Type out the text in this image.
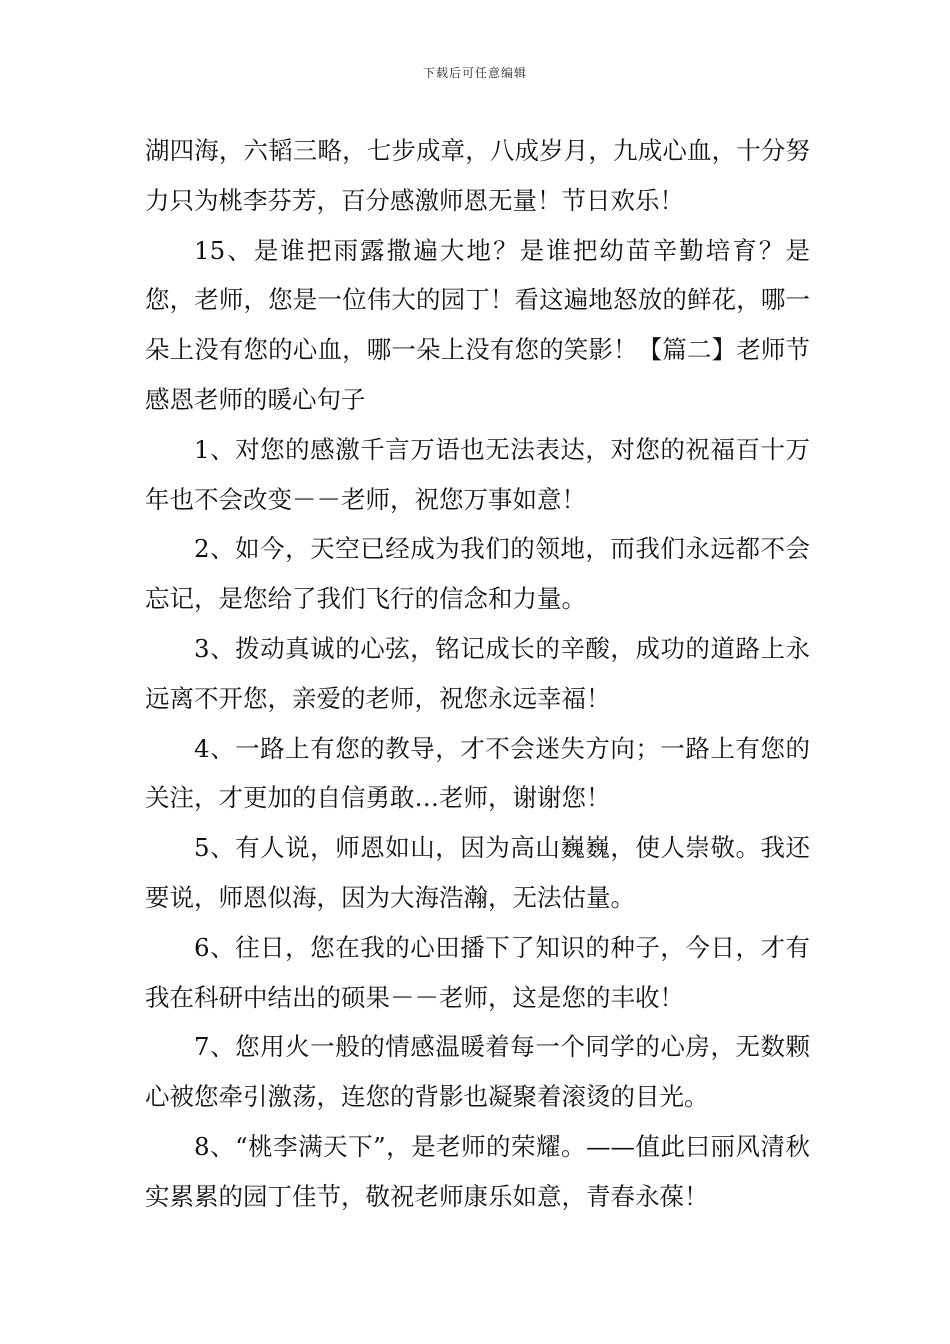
下载后可任意编辑

湖四海，六韬三略，七步成章，八成岁月，九成心血，十分努力只为桃李芬芳，百分感激师恩无量！节日欢乐！

15、是谁把雨露撒遍大地？是谁把幼苗辛勤培育？是您，老师，您是一位伟大的园丁！看这遍地怒放的鲜花，哪一朵上没有您的心血，哪一朵上没有您的笑影！【篇二】老师节感恩老师的暖心句子

1、对您的感激千言万语也无法表达，对您的祝福百十万年也不会改变－－老师，祝您万事如意！

2、如今，天空已经成为我们的领地，而我们永远都不会忘记，是您给了我们飞行的信念和力量。

3、拨动真诚的心弦，铭记成长的辛酸，成功的道路上永远离不开您，亲爱的老师，祝您永远幸福！

4、一路上有您的教导，才不会迷失方向；一路上有您的关注，才更加的自信勇敢…老师，谢谢您！

5、有人说，师恩如山，因为高山巍巍，使人崇敬。我还要说，师恩似海，因为大海浩瀚，无法估量。

6、往日，您在我的心田播下了知识的种子，今日，才有我在科研中结出的硕果－－老师，这是您的丰收！

7、您用火一般的情感温暖着每一个同学的心房，无数颗心被您牵引激荡，连您的背影也凝聚着滚烫的目光。

8、“桃李满天下”，是老师的荣耀。——值此曰丽风清秋实累累的园丁佳节，敬祝老师康乐如意，青春永葆！
